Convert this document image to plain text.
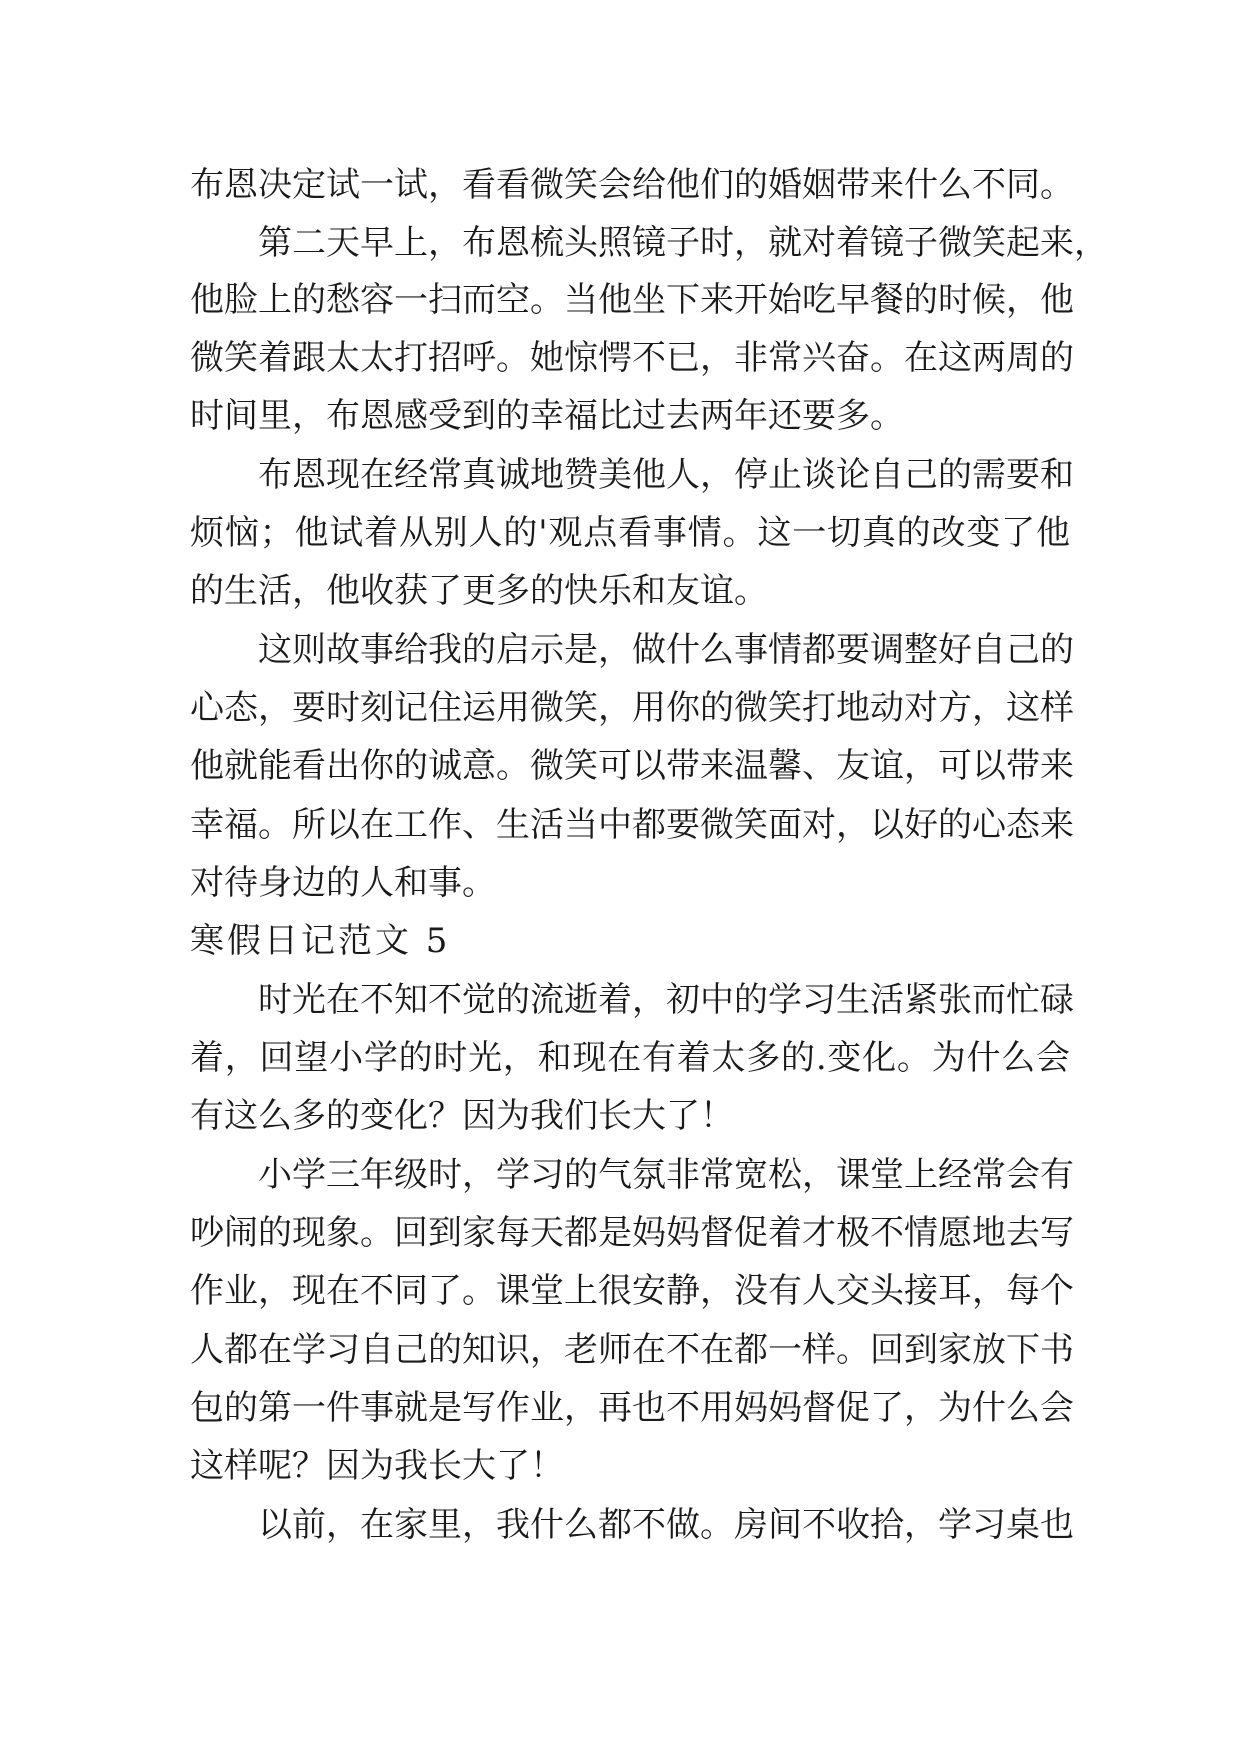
布恩决定试一试，看看微笑会给他们的婚姻带来什么不同。
第二天早上，布恩梳头照镜子时，就对着镜子微笑起来，
他脸上的愁容一扫而空。当他坐下来开始吃早餐的时候，他
微笑着跟太太打招呼。她惊愕不已，非常兴奋。在这两周的
时间里，布恩感受到的幸福比过去两年还要多。
布恩现在经常真诚地赞美他人，停止谈论自己的需要和
烦恼；他试着从别人的'观点看事情。这一切真的改变了他
的生活，他收获了更多的快乐和友谊。
这则故事给我的启示是，做什么事情都要调整好自己的
心态，要时刻记住运用微笑，用你的微笑打地动对方，这样
他就能看出你的诚意。微笑可以带来温馨、友谊，可以带来
幸福。所以在工作、生活当中都要微笑面对，以好的心态来
对待身边的人和事。
寒假日记范文 5
时光在不知不觉的流逝着，初中的学习生活紧张而忙碌
着，回望小学的时光，和现在有着太多的.变化。为什么会
有这么多的变化？因为我们长大了！
小学三年级时，学习的气氛非常宽松，课堂上经常会有
吵闹的现象。回到家每天都是妈妈督促着才极不情愿地去写
作业，现在不同了。课堂上很安静，没有人交头接耳，每个
人都在学习自己的知识，老师在不在都一样。回到家放下书
包的第一件事就是写作业，再也不用妈妈督促了，为什么会
这样呢？因为我长大了！
以前，在家里，我什么都不做。房间不收拾，学习桌也
